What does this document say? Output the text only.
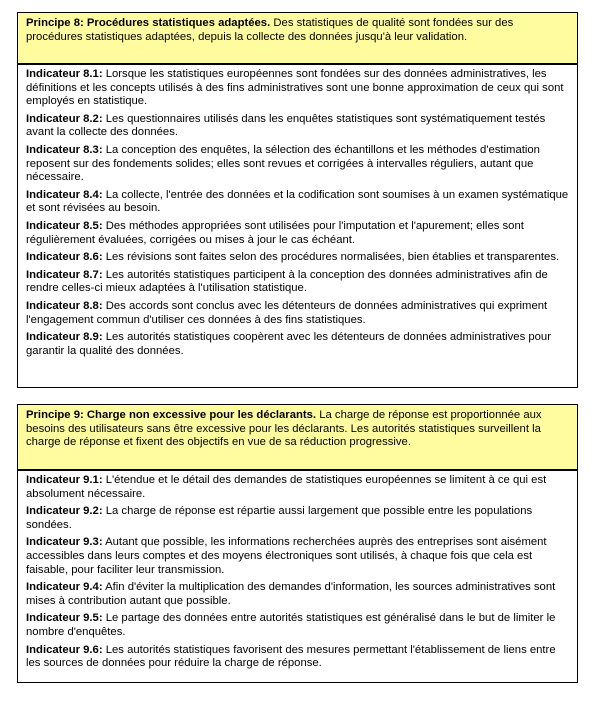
Principe 8: Procédures statistiques adaptées. Des statistiques de qualité sont fondées sur des procédures statistiques adaptées, depuis la collecte des données jusqu'à leur validation.
Indicateur 8.1: Lorsque les statistiques européennes sont fondées sur des données administratives, les définitions et les concepts utilisés à des fins administratives sont une bonne approximation de ceux qui sont employés en statistique.
Indicateur 8.2: Les questionnaires utilisés dans les enquêtes statistiques sont systématiquement testés avant la collecte des données.
Indicateur 8.3: La conception des enquêtes, la sélection des échantillons et les méthodes d'estimation reposent sur des fondements solides; elles sont revues et corrigées à intervalles réguliers, autant que nécessaire.
Indicateur 8.4: La collecte, l'entrée des données et la codification sont soumises à un examen systématique et sont révisées au besoin.
Indicateur 8.5: Des méthodes appropriées sont utilisées pour l'imputation et l'apurement; elles sont régulièrement évaluées, corrigées ou mises à jour le cas échéant.
Indicateur 8.6: Les révisions sont faites selon des procédures normalisées, bien établies et transparentes.
Indicateur 8.7: Les autorités statistiques participent à la conception des données administratives afin de rendre celles-ci mieux adaptées à l'utilisation statistique.
Indicateur 8.8: Des accords sont conclus avec les détenteurs de données administratives qui expriment l'engagement commun d'utiliser ces données à des fins statistiques.
Indicateur 8.9: Les autorités statistiques coopèrent avec les détenteurs de données administratives pour garantir la qualité des données.
Principe 9: Charge non excessive pour les déclarants. La charge de réponse est proportionnée aux besoins des utilisateurs sans être excessive pour les déclarants. Les autorités statistiques surveillent la charge de réponse et fixent des objectifs en vue de sa réduction progressive.
Indicateur 9.1: L'étendue et le détail des demandes de statistiques européennes se limitent à ce qui est absolument nécessaire.
Indicateur 9.2: La charge de réponse est répartie aussi largement que possible entre les populations sondées.
Indicateur 9.3: Autant que possible, les informations recherchées auprès des entreprises sont aisément accessibles dans leurs comptes et des moyens électroniques sont utilisés, à chaque fois que cela est faisable, pour faciliter leur transmission.
Indicateur 9.4: Afin d'éviter la multiplication des demandes d'information, les sources administratives sont mises à contribution autant que possible.
Indicateur 9.5: Le partage des données entre autorités statistiques est généralisé dans le but de limiter le nombre d'enquêtes.
Indicateur 9.6: Les autorités statistiques favorisent des mesures permettant l'établissement de liens entre les sources de données pour réduire la charge de réponse.
